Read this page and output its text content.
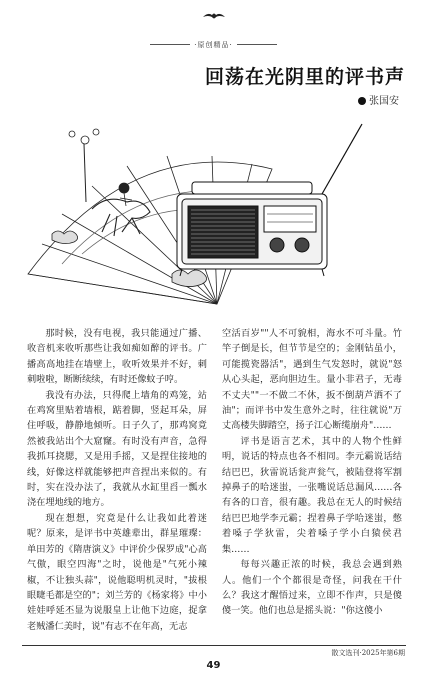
·原创精品·
回荡在光阴里的评书声
张国安

那时候，没有电视，我只能通过广播、收音机来收听那些让我如痴如醉的评书。广播高高地挂在墙壁上，收听效果并不好，刺刺啦啦，断断续续，有时还像蚊子哼。

我没有办法，只得爬上墙角的鸡笼，站在鸡窝里贴着墙根，踮着脚，竖起耳朵，屏住呼吸，静静地倾听。日子久了，那鸡窝竟然被我站出个大窟窿。有时没有声音，急得我抓耳挠腮，又是用手摇，又是捏住接地的线，好像这样就能够把声音捏出来似的。有时，实在没办法了，我就从水缸里舀一瓢水浇在埋地线的地方。

现在想想，究竟是什么让我如此着迷呢？原来，是评书中英雄辈出，群星璀璨：单田芳的《隋唐演义》中评价少保罗成"心高气傲，眼空四海"之时，说他是"气死小辣椒，不让独头蒜"，说他聪明机灵时，"拔根眼睫毛都是空的"；刘兰芳的《杨家将》中小娃娃呼延丕显为说服皇上让他下边庭，捉拿老贼潘仁美时，说"有志不在年高，无志

空活百岁""人不可貌相，海水不可斗量。竹竿子倒是长，但节节是空的；金刚钻虽小，可能揽瓷器活"，遇到生气发怒时，就说"怒从心头起，恶向胆边生。量小非君子，无毒不丈夫""一不做二不休，扳不倒葫芦洒不了油"；而评书中发生意外之时，往往就说"万丈高楼失脚踏空，扬子江心断缆崩舟"……

评书是语言艺术，其中的人物个性鲜明，说话的特点也各不相同。李元霸说话结结巴巴，狄雷说话瓮声瓮气，被陆登将军割掉鼻子的哈迷蚩，一张嘴说话总漏风……各有各的口音，很有趣。我总在无人的时候结结巴巴地学李元霸；捏着鼻子学哈迷蚩，憋着嗓子学狄雷，尖着嗓子学小白猿侯君集……

每每兴趣正浓的时候，我总会遇到熟人。他们一个个都很是奇怪，问我在干什么？我这才醒悟过来，立即不作声，只是傻傻一笑。他们也总是摇头说："你这傻小

散文选刊·2025年第6期
49
